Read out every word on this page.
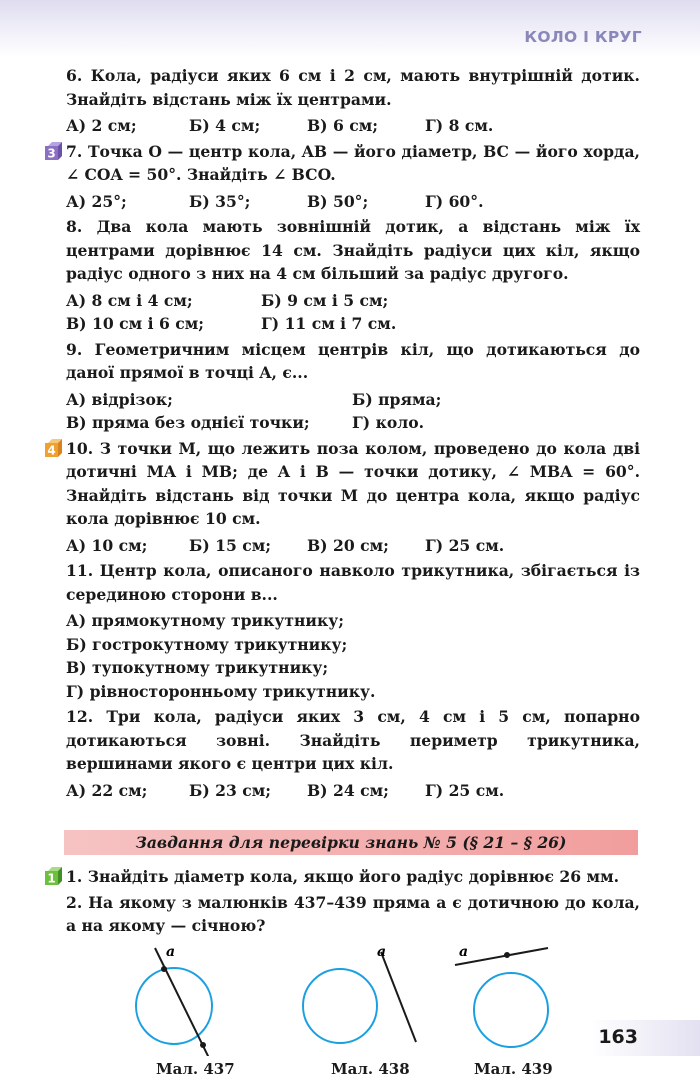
КОЛО І КРУГ
6. Кола, радіуси яких 6 см і 2 см, мають внутрішній дотик. Знайдіть відстань між їх центрами.
А) 2 см;	Б) 4 см;	В) 6 см;	Г) 8 см.
3 7. Точка O — центр кола, AB — його діаметр, BC — його хорда, ∠ COA = 50°. Знайдіть ∠ BCO.
А) 25°;	Б) 35°;	В) 50°;	Г) 60°.
8. Два кола мають зовнішній дотик, а відстань між їх центрами дорівнює 14 см. Знайдіть радіуси цих кіл, якщо радіус одного з них на 4 см більший за радіус другого.
А) 8 см і 4 см;	Б) 9 см і 5 см;
В) 10 см і 6 см;	Г) 11 см і 7 см.
9. Геометричним місцем центрів кіл, що дотикаються до даної прямої в точці A, є...
А) відрізок;	Б) пряма;
В) пряма без однієї точки;	Г) коло.
4 10. З точки M, що лежить поза колом, проведено до кола дві дотичні MA і MB; де A і B — точки дотику, ∠ MBA = 60°. Знайдіть відстань від точки M до центра кола, якщо радіус кола дорівнює 10 см.
А) 10 см;	Б) 15 см;	В) 20 см;	Г) 25 см.
11. Центр кола, описаного навколо трикутника, збігається із серединою сторони в...
А) прямокутному трикутнику;
Б) гострокутному трикутнику;
В) тупокутному трикутнику;
Г) рівносторонньому трикутнику.
12. Три кола, радіуси яких 3 см, 4 см і 5 см, попарно дотикаються зовні. Знайдіть периметр трикутника, вершинами якого є центри цих кіл.
А) 22 см;	Б) 23 см;	В) 24 см;	Г) 25 см.
Завдання для перевірки знань № 5 (§ 21 – § 26)
1 1. Знайдіть діаметр кола, якщо його радіус дорівнює 26 мм.
2. На якому з малюнків 437–439 пряма a є дотичною до кола, а на якому — січною?
a	a	a
Мал. 437	Мал. 438	Мал. 439
163
